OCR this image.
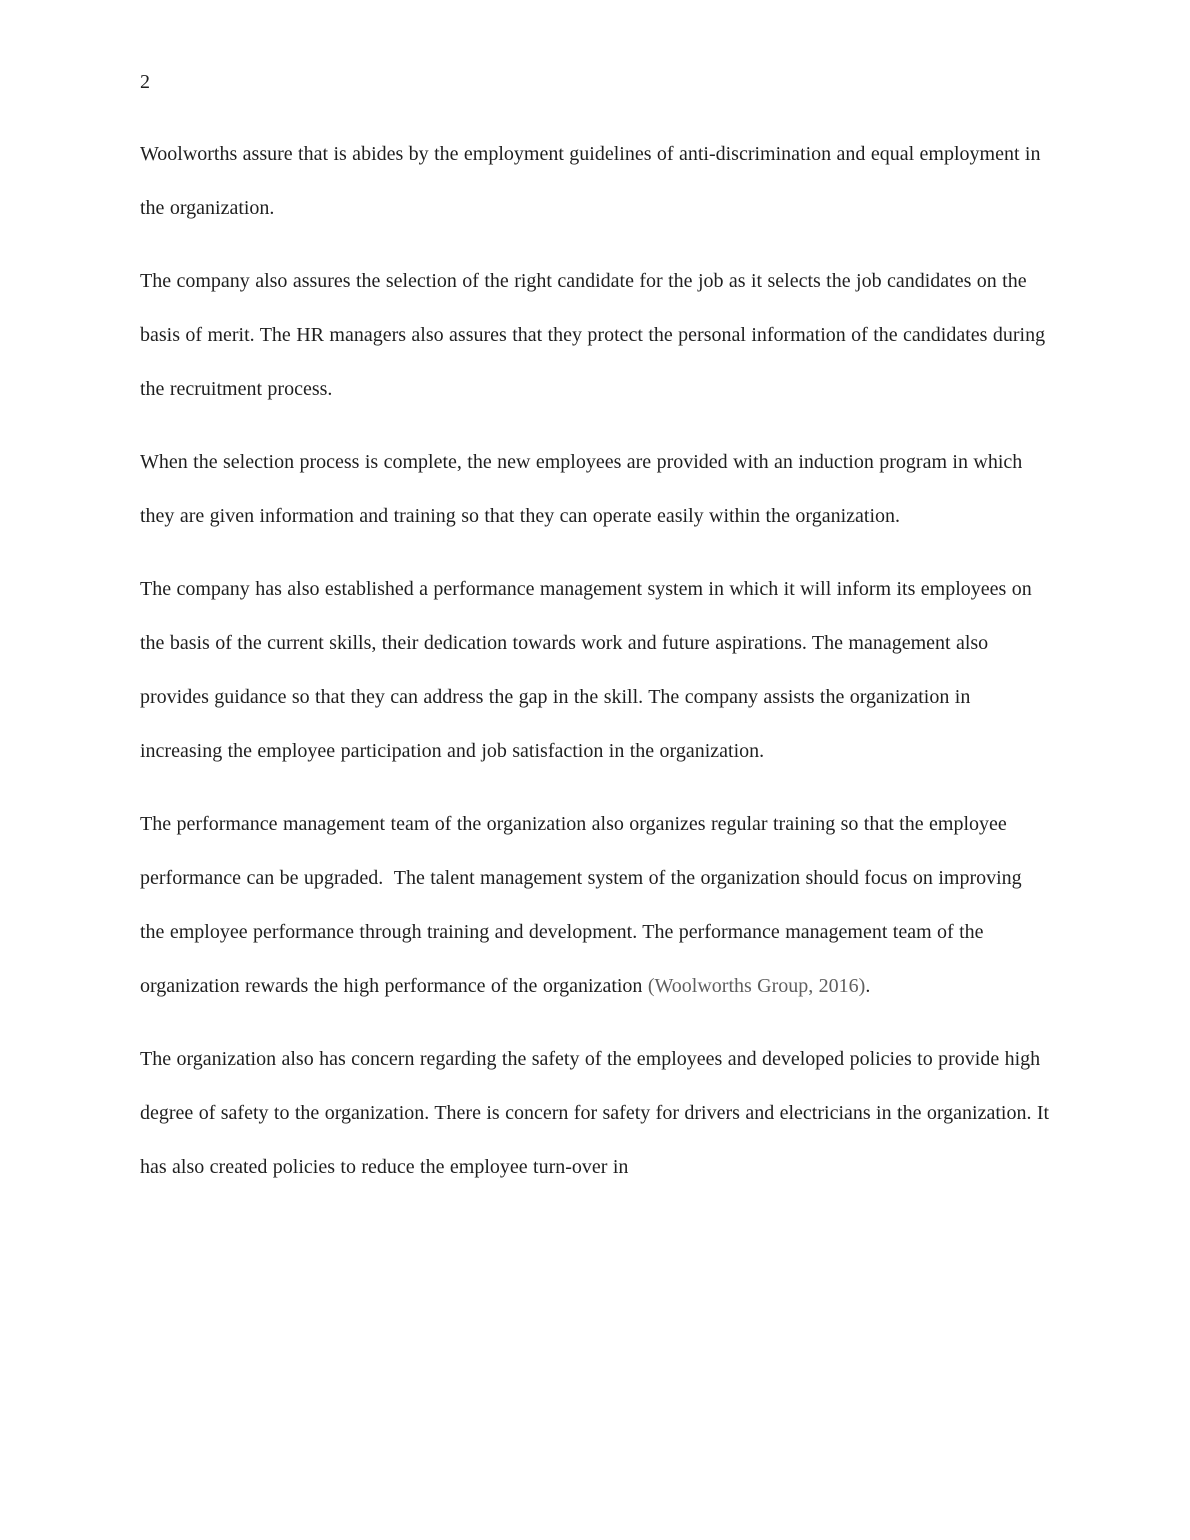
2

Woolworths assure that is abides by the employment guidelines of anti-discrimination and equal employment in the organization.

The company also assures the selection of the right candidate for the job as it selects the job candidates on the basis of merit. The HR managers also assures that they protect the personal information of the candidates during the recruitment process.

When the selection process is complete, the new employees are provided with an induction program in which they are given information and training so that they can operate easily within the organization.

The company has also established a performance management system in which it will inform its employees on the basis of the current skills, their dedication towards work and future aspirations. The management also provides guidance so that they can address the gap in the skill. The company assists the organization in increasing the employee participation and job satisfaction in the organization.

The performance management team of the organization also organizes regular training so that the employee performance can be upgraded.  The talent management system of the organization should focus on improving the employee performance through training and development. The performance management team of the organization rewards the high performance of the organization (Woolworths Group, 2016).

The organization also has concern regarding the safety of the employees and developed policies to provide high degree of safety to the organization. There is concern for safety for drivers and electricians in the organization. It has also created policies to reduce the employee turn-over in
